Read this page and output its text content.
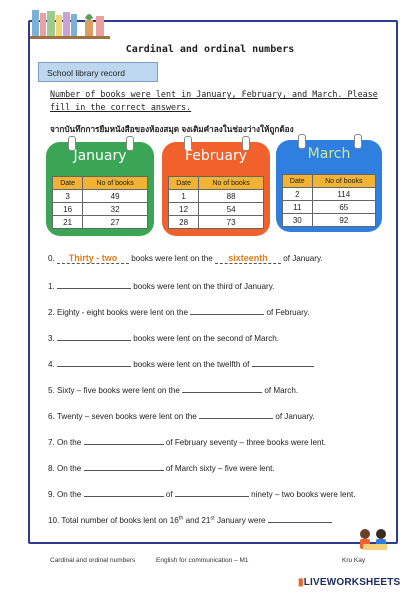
Cardinal and ordinal numbers
School library record
Number of books were lent in January, February, and March. Please fill in the correct answers.
จากบันทึกการยืมหนังสือของห้องสมุด จงเติมคำลงในช่องว่างให้ถูกต้อง
January
Date	No of books
3	49
16	32
21	27
February
Date	No of books
1	88
12	54
28	73
March
Date	No of books
2	114
11	65
30	92
0. Thirty - two books were lent on the sixteenth of January.
1.	books were lent on the third of January.
2. Eighty - eight books were lent on the	of February.
3.	books were lent on the second of March.
4.	books were lent on the twelfth of
5. Sixty – five books were lent on the	of March.
6. Twenty – seven books were lent on the	of January.
7. On the	of February seventy – three books were lent.
8. On the	of March sixty – five were lent.
9. On the	of	ninety – two books were lent.
10. Total number of books lent on 16th and 21st January were
Cardinal and ordinal numbers	English for communication – M1	Kru Kay
▮LIVEWORKSHEETS
